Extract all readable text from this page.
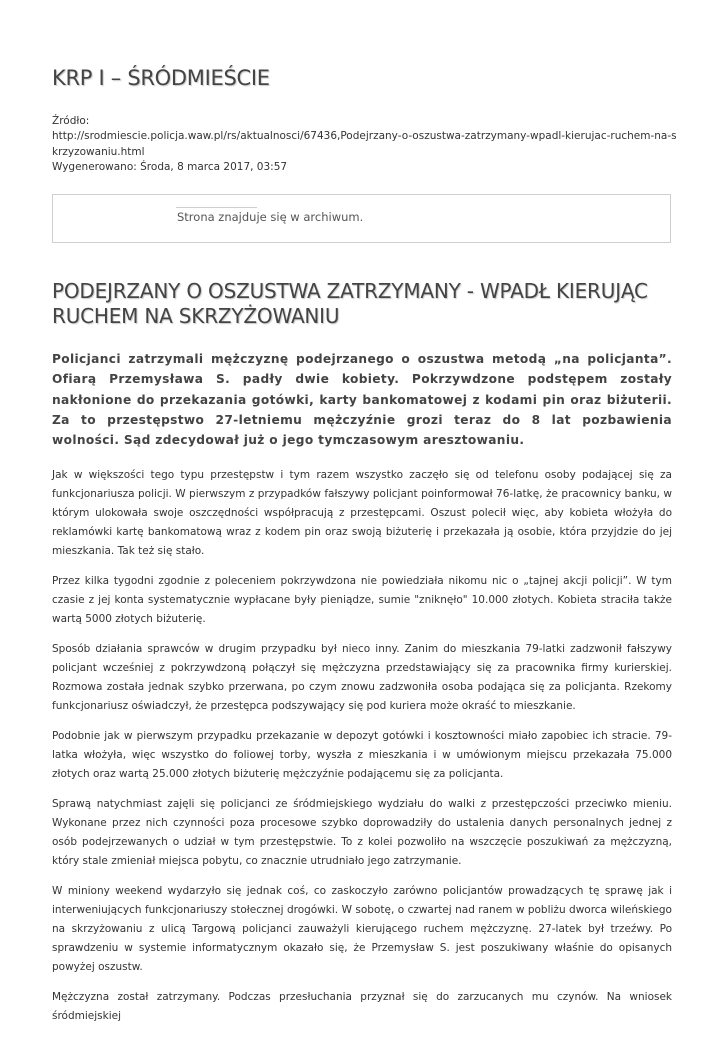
KRP I – ŚRÓDMIEŚCIE
Źródło:
http://srodmiescie.policja.waw.pl/rs/aktualnosci/67436,Podejrzany-o-oszustwa-zatrzymany-wpadl-kierujac-ruchem-na-skrzyzowaniu.html
Wygenerowano: Środa, 8 marca 2017, 03:57
Strona znajduje się w archiwum.
PODEJRZANY O OSZUSTWA ZATRZYMANY - WPADŁ KIERUJĄC RUCHEM NA SKRZYŻOWANIU

Policjanci zatrzymali mężczyznę podejrzanego o oszustwa metodą „na policjanta”. Ofiarą Przemysława S. padły dwie kobiety. Pokrzywdzone podstępem zostały nakłonione do przekazania gotówki, karty bankomatowej z kodami pin oraz biżuterii. Za to przestępstwo 27-letniemu mężczyźnie grozi teraz do 8 lat pozbawienia wolności. Sąd zdecydował już o jego tymczasowym aresztowaniu.

Jak w większości tego typu przestępstw i tym razem wszystko zaczęło się od telefonu osoby podającej się za funkcjonariusza policji. W pierwszym z przypadków fałszywy policjant poinformował 76-latkę, że pracownicy banku, w którym ulokowała swoje oszczędności współpracują z przestępcami. Oszust polecił więc, aby kobieta włożyła do reklamówki kartę bankomatową wraz z kodem pin oraz swoją biżuterię i przekazała ją osobie, która przyjdzie do jej mieszkania. Tak też się stało.

Przez kilka tygodni zgodnie z poleceniem pokrzywdzona nie powiedziała nikomu nic o „tajnej akcji policji”. W tym czasie z jej konta systematycznie wypłacane były pieniądze, sumie "zniknęło" 10.000 złotych. Kobieta straciła także wartą 5000 złotych biżuterię.

Sposób działania sprawców w drugim przypadku był nieco inny. Zanim do mieszkania 79-latki zadzwonił fałszywy policjant wcześniej z pokrzywdzoną połączył się mężczyzna przedstawiający się za pracownika firmy kurierskiej. Rozmowa została jednak szybko przerwana, po czym znowu zadzwoniła osoba podająca się za policjanta. Rzekomy funkcjonariusz oświadczył, że przestępca podszywający się pod kuriera może okraść to mieszkanie.

Podobnie jak w pierwszym przypadku przekazanie w depozyt gotówki i kosztowności miało zapobiec ich stracie. 79-latka włożyła, więc wszystko do foliowej torby, wyszła z mieszkania i w umówionym miejscu przekazała 75.000 złotych oraz wartą 25.000 złotych biżuterię mężczyźnie podającemu się za policjanta.

Sprawą natychmiast zajęli się policjanci ze śródmiejskiego wydziału do walki z przestępczości przeciwko mieniu. Wykonane przez nich czynności poza procesowe szybko doprowadziły do ustalenia danych personalnych jednej z osób podejrzewanych o udział w tym przestępstwie. To z kolei pozwoliło na wszczęcie poszukiwań za mężczyzną, który stale zmieniał miejsca pobytu, co znacznie utrudniało jego zatrzymanie.

W miniony weekend wydarzyło się jednak coś, co zaskoczyło zarówno policjantów prowadzących tę sprawę jak i interweniujących funkcjonariuszy stołecznej drogówki. W sobotę, o czwartej nad ranem w pobliżu dworca wileńskiego na skrzyżowaniu z ulicą Targową policjanci zauważyli kierującego ruchem mężczyznę. 27-latek był trzeźwy. Po sprawdzeniu w systemie informatycznym okazało się, że Przemysław S. jest poszukiwany właśnie do opisanych powyżej oszustw.

Mężczyzna został zatrzymany. Podczas przesłuchania przyznał się do zarzucanych mu czynów. Na wniosek śródmiejskiej
